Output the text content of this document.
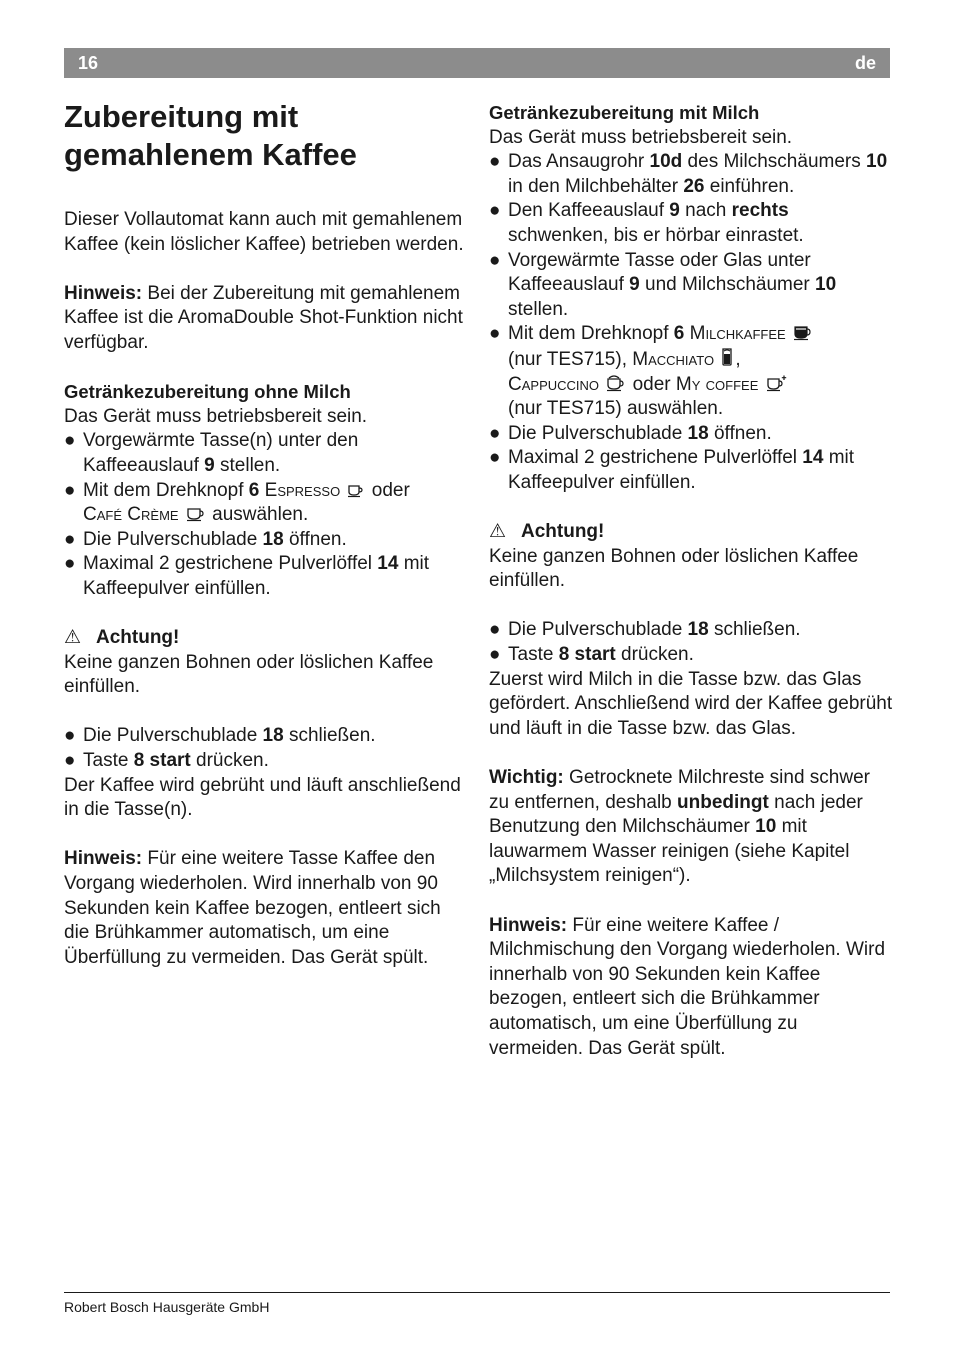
16	de
Zubereitung mit
gemahlenem Kaffee

Dieser Vollautomat kann auch mit gemahlenem Kaffee (kein löslicher Kaffee) betrieben werden.

Hinweis: Bei der Zubereitung mit gemahlenem Kaffee ist die AromaDouble Shot-Funktion nicht verfügbar.

Getränkezubereitung ohne Milch

Das Gerät muss betriebsbereit sein.

● Vorgewärmte Tasse(n) unter den Kaffeeauslauf 9 stellen.
● Mit dem Drehknopf 6 Espresso  oder
Café Crème  auswählen.
● Die Pulverschublade 18 öffnen.
● Maximal 2 gestrichene Pulverlöffel 14 mit Kaffeepulver einfüllen.

⚠ Achtung!

Keine ganzen Bohnen oder löslichen Kaffee einfüllen.

● Die Pulverschublade 18 schließen.
● Taste 8 start drücken.

Der Kaffee wird gebrüht und läuft anschließend in die Tasse(n).

Hinweis: Für eine weitere Tasse Kaffee den Vorgang wiederholen. Wird innerhalb von 90 Sekunden kein Kaffee bezogen, entleert sich die Brühkammer automatisch, um eine Überfüllung zu vermeiden. Das Gerät spült.

Getränkezubereitung mit Milch

Das Gerät muss betriebsbereit sein.

● Das Ansaugrohr 10d des Milchschäumers 10 in den Milchbehälter 26 einführen.
● Den Kaffeeauslauf 9 nach rechts schwenken, bis er hörbar einrastet.
● Vorgewärmte Tasse oder Glas unter Kaffeeauslauf 9 und Milchschäumer 10 stellen.
● Mit dem Drehknopf 6 Milchkaffee
(nur TES715), Macchiato ,
Cappuccino  oder My coffee
(nur TES715) auswählen.
● Die Pulverschublade 18 öffnen.
● Maximal 2 gestrichene Pulverlöffel 14 mit Kaffeepulver einfüllen.

⚠ Achtung!

Keine ganzen Bohnen oder löslichen Kaffee einfüllen.

● Die Pulverschublade 18 schließen.
● Taste 8 start drücken.

Zuerst wird Milch in die Tasse bzw. das Glas gefördert. Anschließend wird der Kaffee gebrüht und läuft in die Tasse bzw. das Glas.

Wichtig: Getrocknete Milchreste sind schwer zu entfernen, deshalb unbedingt nach jeder Benutzung den Milchschäumer 10 mit lauwarmem Wasser reinigen (siehe Kapitel „Milchsystem reinigen“).

Hinweis: Für eine weitere Kaffee / Milchmischung den Vorgang wiederholen. Wird innerhalb von 90 Sekunden kein Kaffee bezogen, entleert sich die Brühkammer automatisch, um eine Überfüllung zu vermeiden. Das Gerät spült.

Robert Bosch Hausgeräte GmbH
